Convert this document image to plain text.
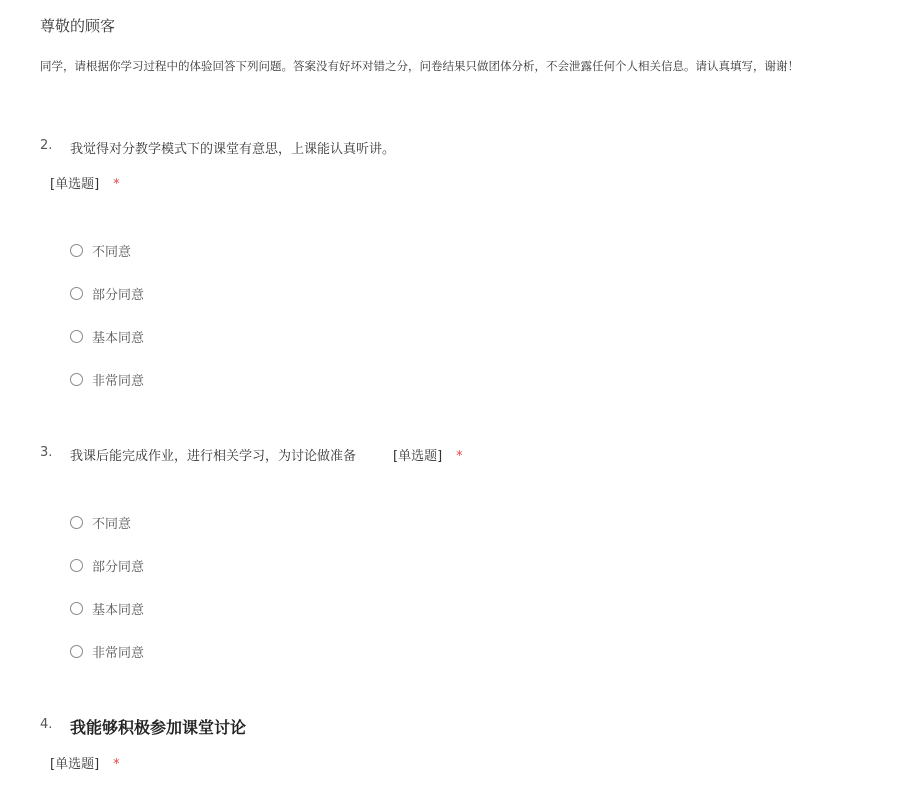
尊敬的顾客
同学，请根据你学习过程中的体验回答下列问题。答案没有好坏对错之分，问卷结果只做团体分析，不会泄露任何个人相关信息。请认真填写，谢谢！
2. 我觉得对分教学模式下的课堂有意思，上课能认真听讲。
[单选题] *
不同意
部分同意
基本同意
非常同意
3. 我课后能完成作业，进行相关学习，为讨论做准备	[单选题] *
不同意
部分同意
基本同意
非常同意
4. 我能够积极参加课堂讨论
[单选题] *
